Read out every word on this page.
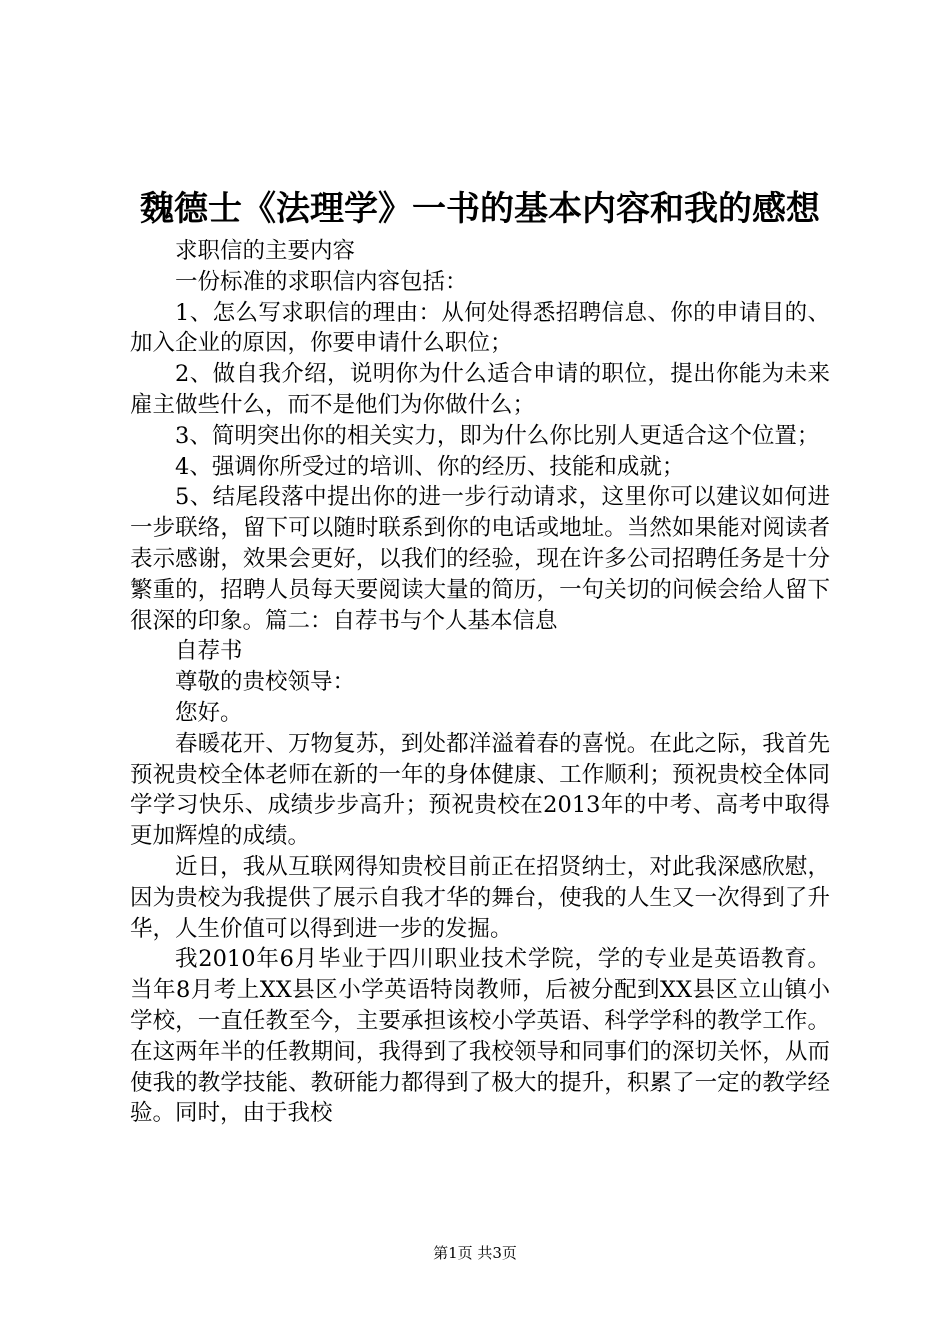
魏德士《法理学》一书的基本内容和我的感想

求职信的主要内容

一份标准的求职信内容包括：

1、怎么写求职信的理由：从何处得悉招聘信息、你的申请目的、加入企业的原因，你要申请什么职位；

2、做自我介绍，说明你为什么适合申请的职位，提出你能为未来雇主做些什么，而不是他们为你做什么；

3、简明突出你的相关实力，即为什么你比别人更适合这个位置；

4、强调你所受过的培训、你的经历、技能和成就；

5、结尾段落中提出你的进一步行动请求，这里你可以建议如何进一步联络，留下可以随时联系到你的电话或地址。当然如果能对阅读者表示感谢，效果会更好，以我们的经验，现在许多公司招聘任务是十分繁重的，招聘人员每天要阅读大量的简历，一句关切的问候会给人留下很深的印象。篇二：自荐书与个人基本信息

自荐书

尊敬的贵校领导：

您好。

春暖花开、万物复苏，到处都洋溢着春的喜悦。在此之际，我首先预祝贵校全体老师在新的一年的身体健康、工作顺利；预祝贵校全体同学学习快乐、成绩步步高升；预祝贵校在2013年的中考、高考中取得更加辉煌的成绩。

近日，我从互联网得知贵校目前正在招贤纳士，对此我深感欣慰，因为贵校为我提供了展示自我才华的舞台，使我的人生又一次得到了升华，人生价值可以得到进一步的发掘。

我2010年6月毕业于四川职业技术学院，学的专业是英语教育。当年8月考上XX县区小学英语特岗教师，后被分配到XX县区立山镇小学校，一直任教至今，主要承担该校小学英语、科学学科的教学工作。在这两年半的任教期间，我得到了我校领导和同事们的深切关怀，从而使我的教学技能、教研能力都得到了极大的提升，积累了一定的教学经验。同时，由于我校

第1页 共3页
